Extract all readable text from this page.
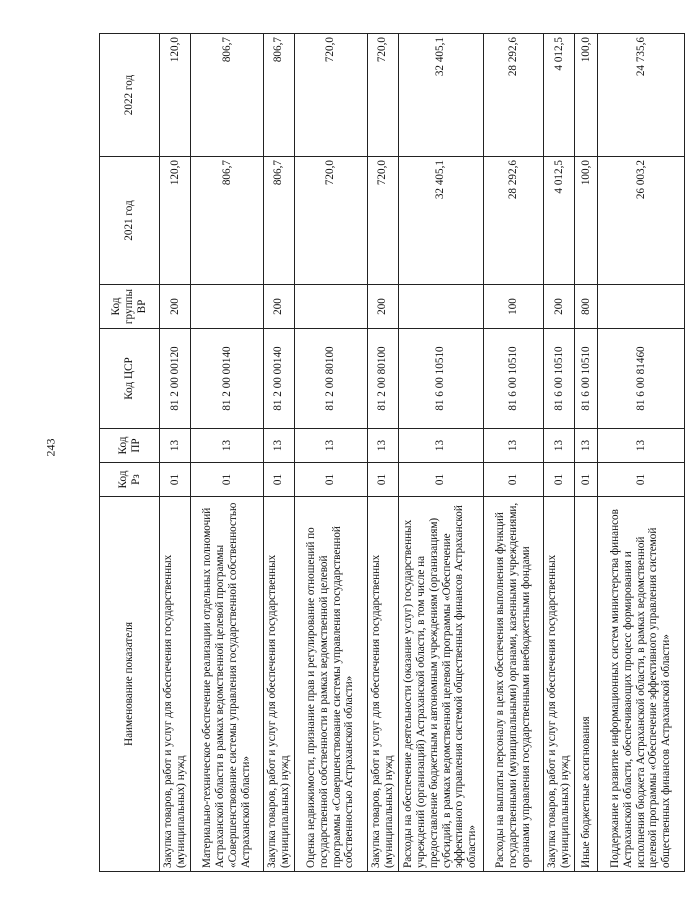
243
Наименование показателя	Код Рз	Код ПР	Код ЦСР	Код группы ВР	2021 год	2022 год
Закупка товаров, работ и услуг для обеспечения государственных (муниципальных) нужд	01	13	81 2 00 00120	200	120,0	120,0
Материально-техническое обеспечение реализации отдельных полномочий Астраханской области в рамках ведомственной целевой программы «Совершенствование системы управления государственной собственностью Астраханской области»	01	13	81 2 00 00140		806,7	806,7
Закупка товаров, работ и услуг для обеспечения государственных (муниципальных) нужд	01	13	81 2 00 00140	200	806,7	806,7
Оценка недвижимости, признание прав и регулирование отношений по государственной собственности в рамках ведомственной целевой программы «Совершенствование системы управления государственной собственностью Астраханской области»	01	13	81 2 00 80100		720,0	720,0
Закупка товаров, работ и услуг для обеспечения государственных (муниципальных) нужд	01	13	81 2 00 80100	200	720,0	720,0
Расходы на обеспечение деятельности (оказание услуг) государственных учреждений (организаций) Астраханской области, в том числе на предоставление бюджетным и автономным учреждениям (организациям) субсидий, в рамках ведомственной целевой программы «Обеспечение эффективного управления системой общественных финансов Астраханской области»	01	13	81 6 00 10510		32 405,1	32 405,1
Расходы на выплаты персоналу в целях обеспечения выполнения функций государственными (муниципальными) органами, казенными учреждениями, органами управления государственными внебюджетными фондами	01	13	81 6 00 10510	100	28 292,6	28 292,6
Закупка товаров, работ и услуг для обеспечения государственных (муниципальных) нужд	01	13	81 6 00 10510	200	4 012,5	4 012,5
Иные бюджетные ассигнования	01	13	81 6 00 10510	800	100,0	100,0
Поддержание и развитие информационных систем министерства финансов Астраханской области, обеспечивающих процесс формирования и исполнения бюджета Астраханской области, в рамках ведомственной целевой программы «Обеспечение эффективного управления системой общественных финансов Астраханской области»	01	13	81 6 00 81460		26 003,2	24 735,6
